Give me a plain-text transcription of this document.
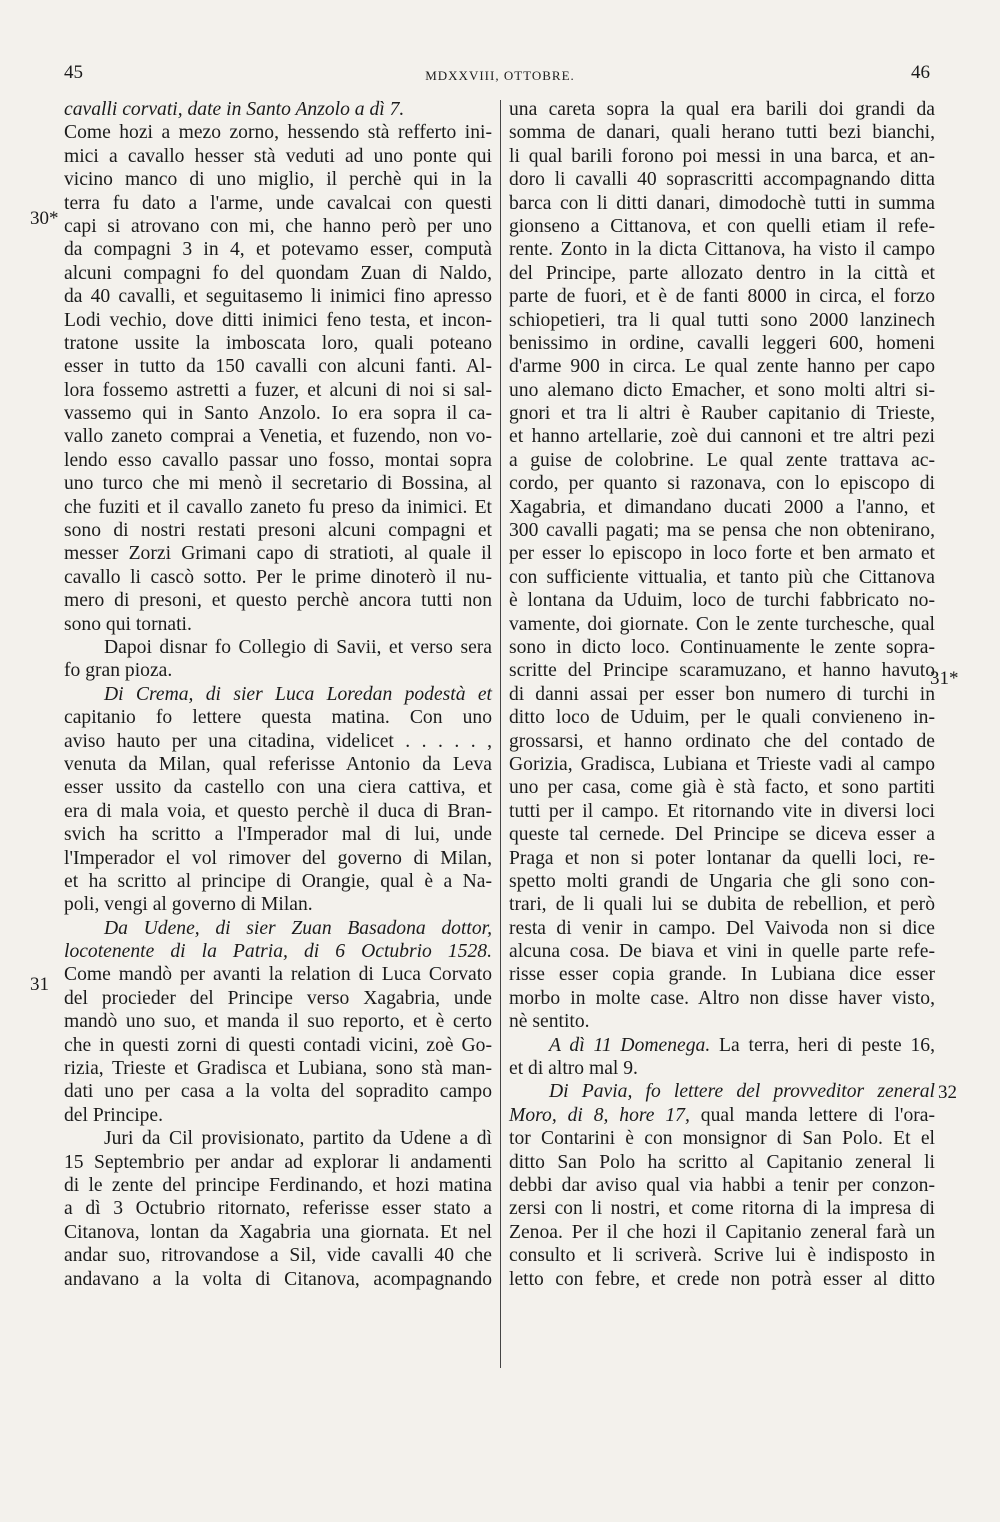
45	MDXXVIII, OTTOBRE.	46
30*
31
31*
32
cavalli corvati, date in Santo Anzolo a dì 7.
Come hozi a mezo zorno, hessendo stà refferto ini-
mici a cavallo hesser stà veduti ad uno ponte qui
vicino manco di uno miglio, il perchè qui in la
terra fu dato a l'arme, unde cavalcai con questi
capi si atrovano con mi, che hanno però per uno
da compagni 3 in 4, et potevamo esser, computà
alcuni compagni fo del quondam Zuan di Naldo,
da 40 cavalli, et seguitasemo li inimici fino apresso
Lodi vechio, dove ditti inimici feno testa, et incon-
tratone ussite la imboscata loro, quali poteano
esser in tutto da 150 cavalli con alcuni fanti. Al-
lora fossemo astretti a fuzer, et alcuni di noi si sal-
vassemo qui in Santo Anzolo. Io era sopra il ca-
vallo zaneto comprai a Venetia, et fuzendo, non vo-
lendo esso cavallo passar uno fosso, montai sopra
uno turco che mi menò il secretario di Bossina, al
che fuziti et il cavallo zaneto fu preso da inimici. Et
sono di nostri restati presoni alcuni compagni et
messer Zorzi Grimani capo di stratioti, al quale il
cavallo li cascò sotto. Per le prime dinoterò il nu-
mero di presoni, et questo perchè ancora tutti non
sono qui tornati.
Dapoi disnar fo Collegio di Savii, et verso sera
fo gran pioza.
Di Crema, di sier Luca Loredan podestà et
capitanio fo lettere questa matina. Con uno
aviso hauto per una citadina, videlicet . . . . . ,
venuta da Milan, qual referisse Antonio da Leva
esser ussito da castello con una ciera cattiva, et
era di mala voia, et questo perchè il duca di Bran-
svich ha scritto a l'Imperador mal di lui, unde
l'Imperador el vol rimover del governo di Milan,
et ha scritto al principe di Orangie, qual è a Na-
poli, vengi al governo di Milan.
Da Udene, di sier Zuan Basadona dottor,
locotenente di la Patria, di 6 Octubrio 1528.
Come mandò per avanti la relation di Luca Corvato
del procieder del Principe verso Xagabria, unde
mandò uno suo, et manda il suo reporto, et è certo
che in questi zorni di questi contadi vicini, zoè Go-
rizia, Trieste et Gradisca et Lubiana, sono stà man-
dati uno per casa a la volta del sopradito campo
del Principe.
Juri da Cil provisionato, partito da Udene a dì
15 Septembrio per andar ad explorar li andamenti
di le zente del principe Ferdinando, et hozi matina
a dì 3 Octubrio ritornato, referisse esser stato a
Citanova, lontan da Xagabria una giornata. Et nel
andar suo, ritrovandose a Sil, vide cavalli 40 che
andavano a la volta di Citanova, acompagnando
una careta sopra la qual era barili doi grandi da
somma de danari, quali herano tutti bezi bianchi,
li qual barili forono poi messi in una barca, et an-
doro li cavalli 40 soprascritti accompagnando ditta
barca con li ditti danari, dimodochè tutti in summa
gionseno a Cittanova, et con quelli etiam il refe-
rente. Zonto in la dicta Cittanova, ha visto il campo
del Principe, parte allozato dentro in la città et
parte de fuori, et è de fanti 8000 in circa, el forzo
schiopetieri, tra li qual tutti sono 2000 lanzinech
benissimo in ordine, cavalli leggeri 600, homeni
d'arme 900 in circa. Le qual zente hanno per capo
uno alemano dicto Emacher, et sono molti altri si-
gnori et tra li altri è Rauber capitanio di Trieste,
et hanno artellarie, zoè dui cannoni et tre altri pezi
a guise de colobrine. Le qual zente trattava ac-
cordo, per quanto si razonava, con lo episcopo di
Xagabria, et dimandano ducati 2000 a l'anno, et
300 cavalli pagati; ma se pensa che non obtenirano,
per esser lo episcopo in loco forte et ben armato et
con sufficiente vittualia, et tanto più che Cittanova
è lontana da Uduim, loco de turchi fabbricato no-
vamente, doi giornate. Con le zente turchesche, qual
sono in dicto loco. Continuamente le zente sopra-
scritte del Principe scaramuzano, et hanno havuto
di danni assai per esser bon numero di turchi in
ditto loco de Uduim, per le quali convieneno in-
grossarsi, et hanno ordinato che del contado de
Gorizia, Gradisca, Lubiana et Trieste vadi al campo
uno per casa, come già è stà facto, et sono partiti
tutti per il campo. Et ritornando vite in diversi loci
queste tal cernede. Del Principe se diceva esser a
Praga et non si poter lontanar da quelli loci, re-
spetto molti grandi de Ungaria che gli sono con-
trari, de li quali lui se dubita de rebellion, et però
resta di venir in campo. Del Vaivoda non si dice
alcuna cosa. De biava et vini in quelle parte refe-
risse esser copia grande. In Lubiana dice esser
morbo in molte case. Altro non disse haver visto,
nè sentito.
A dì 11 Domenega. La terra, heri di peste 16,
et di altro mal 9.
Di Pavia, fo lettere del provveditor zeneral
Moro, di 8, hore 17, qual manda lettere di l'ora-
tor Contarini è con monsignor di San Polo. Et el
ditto San Polo ha scritto al Capitanio zeneral li
debbi dar aviso qual via habbi a tenir per conzon-
zersi con li nostri, et come ritorna di la impresa di
Zenoa. Per il che hozi il Capitanio zeneral farà un
consulto et li scriverà. Scrive lui è indisposto in
letto con febre, et crede non potrà esser al ditto
